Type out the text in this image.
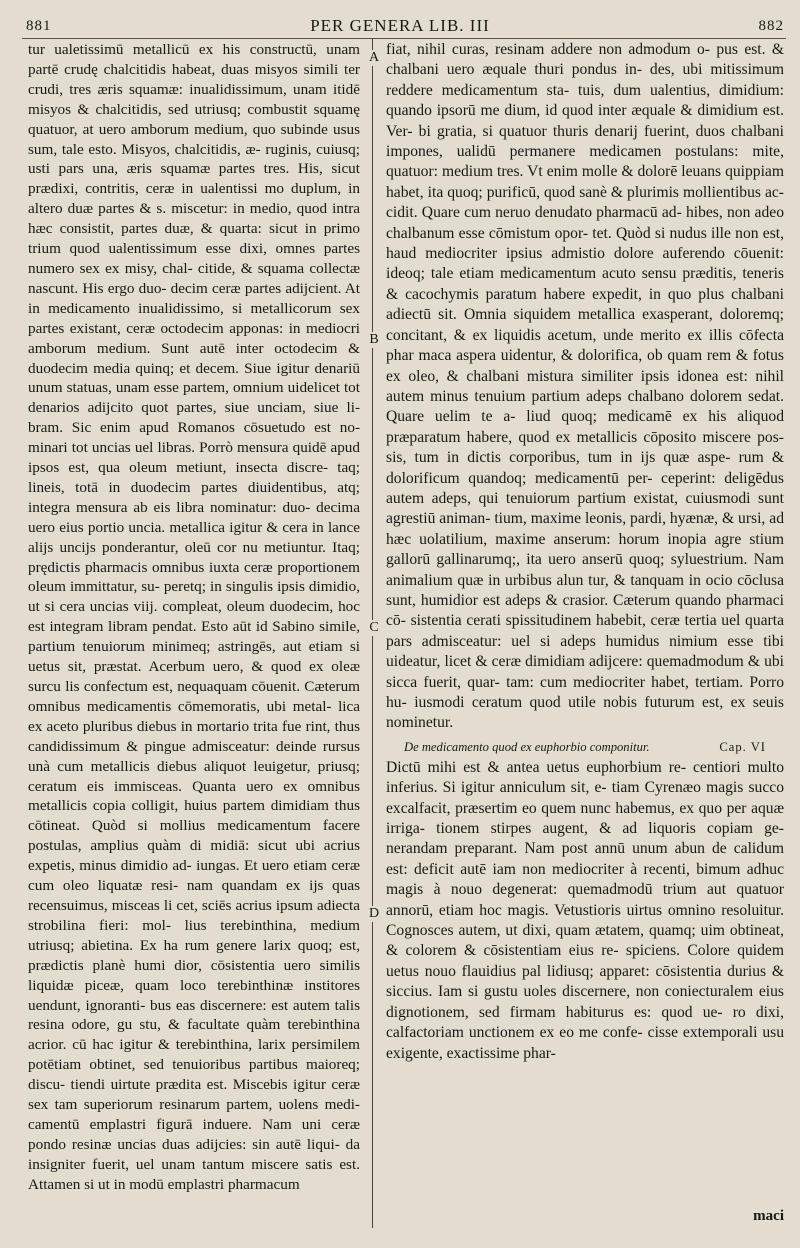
881	PER GENERA LIB. III	882
A
B
C
D

tur ualetissimū metallicū ex his constructū, unam partē crudę chalcitidis habeat, duas misyos simili ter crudi, tres æris squamæ: inualidissimum, unam itidē misyos & chalcitidis, sed utriusq; combustit squamę quatuor, at uero amborum medium, quo subinde usus sum, tale esto. Misyos, chalcitidis, æ- ruginis, cuiusq; usti pars una, æris squamæ partes tres. His, sicut prædixi, contritis, ceræ in ualentissi mo duplum, in altero duæ partes & s. miscetur: in medio, quod intra hæc consistit, partes duæ, & quarta: sicut in primo trium quod ualentissimum esse dixi, omnes partes numero sex ex misy, chal- citide, & squama collectæ nascunt. His ergo duo- decim ceræ partes adijcient. At in medicamento inualidissimo, si metallicorum sex partes existant, ceræ octodecim apponas: in mediocri amborum medium. Sunt autē inter octodecim & duodecim media quinq; et decem. Siue igitur denariū unum statuas, unam esse partem, omnium uidelicet tot denarios adijcito quot partes, siue unciam, siue li- bram. Sic enim apud Romanos cōsuetudo est no- minari tot uncias uel libras. Porrò mensura quidē apud ipsos est, qua oleum metiunt, insecta discre- taq; lineis, totā in duodecim partes diuidentibus, atq; integra mensura ab eis libra nominatur: duo- decima uero eius portio uncia. metallica igitur & cera in lance alijs uncijs ponderantur, oleū cor nu metiuntur. Itaq; prędictis pharmacis omnibus iuxta ceræ proportionem oleum immittatur, su- peretq; in singulis ipsis dimidio, ut si cera uncias viij. compleat, oleum duodecim, hoc est integram libram pendat. Esto aūt id Sabino simile, partium tenuiorum minimeq; astringēs, aut etiam si uetus sit, præstat. Acerbum uero, & quod ex oleæ surcu lis confectum est, nequaquam cōuenit. Cæterum omnibus medicamentis cōmemoratis, ubi metal- lica ex aceto pluribus diebus in mortario trita fue rint, thus candidissimum & pingue admisceatur: deinde rursus unà cum metallicis diebus aliquot leuigetur, priusq; ceratum eis immisceas. Quanta uero ex omnibus metallicis copia colligit, huius partem dimidiam thus cōtineat. Quòd si mollius medicamentum facere postulas, amplius quàm di midiā: sicut ubi acrius expetis, minus dimidio ad- iungas. Et uero etiam ceræ cum oleo liquatæ resi- nam quandam ex ijs quas recensuimus, misceas li cet, sciēs acrius ipsum adiecta strobilina fieri: mol- lius terebinthina, medium utriusq; abietina. Ex ha rum genere larix quoq; est, prædictis planè humi dior, cōsistentia uero similis liquidæ piceæ, quam loco terebinthinæ institores uendunt, ignoranti- bus eas discernere: est autem talis resina odore, gu stu, & facultate quàm terebinthina acrior. cū hac igitur & terebinthina, larix persimilem potētiam obtinet, sed tenuioribus partibus maioreq; discu- tiendi uirtute prædita est. Miscebis igitur ceræ sex tam superiorum resinarum partem, uolens medi- camentū emplastri figurā induere. Nam uni ceræ pondo resinæ uncias duas adijcies: sin autē liqui- da insigniter fuerit, uel unam tantum miscere satis est. Attamen si ut in modū emplastri pharmacum

fiat, nihil curas, resinam addere non admodum o- pus est. & chalbani uero æquale thuri pondus in- des, ubi mitissimum reddere medicamentum sta- tuis, dum ualentius, dimidium: quando ipsorū me dium, id quod inter æquale & dimidium est. Ver- bi gratia, si quatuor thuris denarij fuerint, duos chalbani impones, ualidū permanere medicamen postulans: mite, quatuor: medium tres. Vt enim molle & dolorē leuans quippiam habet, ita quoq; purificū, quod sanè & plurimis mollientibus ac- cidit. Quare cum neruo denudato pharmacū ad- hibes, non adeo chalbanum esse cōmistum opor- tet. Quòd si nudus ille non est, haud mediocriter ipsius admistio dolore auferendo cōuenit: ideoq; tale etiam medicamentum acuto sensu præditis, teneris & cacochymis paratum habere expedit, in quo plus chalbani adiectū sit. Omnia siquidem metallica exasperant, doloremq; concitant, & ex liquidis acetum, unde merito ex illis cōfecta phar maca aspera uidentur, & dolorifica, ob quam rem & fotus ex oleo, & chalbani mistura similiter ipsis idonea est: nihil autem minus tenuium partium adeps chalbano dolorem sedat. Quare uelim te a- liud quoq; medicamē ex his aliquod præparatum habere, quod ex metallicis cōposito miscere pos- sis, tum in dictis corporibus, tum in ijs quæ aspe- rum & dolorificum quandoq; medicamentū per- ceperint: deligēdus autem adeps, qui tenuiorum partium existat, cuiusmodi sunt agrestiū animan- tium, maxime leonis, pardi, hyænæ, & ursi, ad hæc uolatilium, maxime anserum: horum inopia agre stium gallorū gallinarumq;, ita uero anserū quoq; syluestrium. Nam animalium quæ in urbibus alun tur, & tanquam in ocio cōclusa sunt, humidior est adeps & crasior. Cæterum quando pharmaci cō- sistentia cerati spissitudinem habebit, ceræ tertia uel quarta pars admisceatur: uel si adeps humidus nimium esse tibi uideatur, licet & ceræ dimidiam adijcere: quemadmodum & ubi sicca fuerit, quar- tam: cum mediocriter habet, tertiam. Porro hu- iusmodi ceratum quod utile nobis futurum est, ex seuis nominetur.

De medicamento quod ex euphorbio componitur.	Cap. VI

Dictū mihi est & antea uetus euphorbium re- centiori multo inferius. Si igitur anniculum sit, e- tiam Cyrenæo magis succo excalfacit, præsertim eo quem nunc habemus, ex quo per aquæ irriga- tionem stirpes augent, & ad liquoris copiam ge- nerandam preparant. Nam post annū unum abun de calidum est: deficit autē iam non mediocriter à recenti, bimum adhuc magis à nouo degenerat: quemadmodū trium aut quatuor annorū, etiam hoc magis. Vetustioris uirtus omnino resoluitur. Cognosces autem, ut dixi, quam ætatem, quamq; uim obtineat, & colorem & cōsistentiam eius re- spiciens. Colore quidem uetus nouo flauidius pal lidiusq; apparet: cōsistentia durius & siccius. Iam si gustu uoles discernere, non coniecturalem eius dignotionem, sed firmam habiturus es: quod ue- ro dixi, calfactoriam unctionem ex eo me confe- cisse extemporali usu exigente, exactissime phar-

maci
